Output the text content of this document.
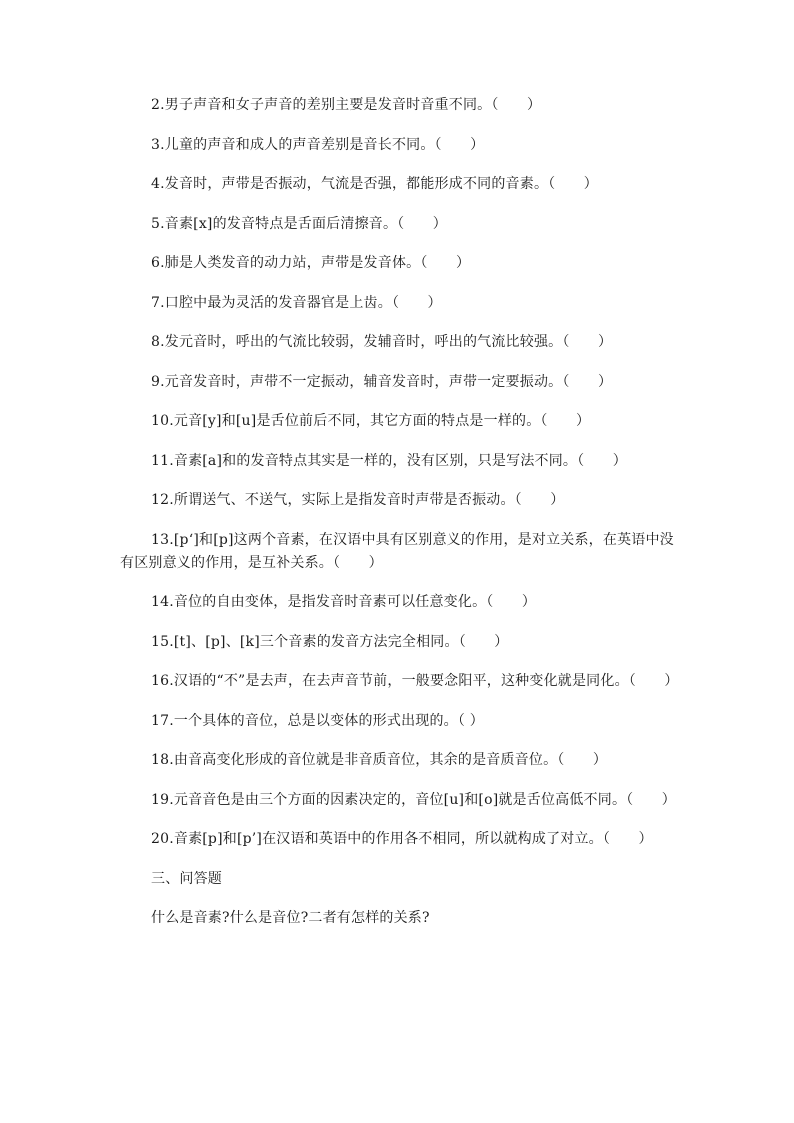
2.男子声音和女子声音的差别主要是发音时音重不同。（　　）

3.儿童的声音和成人的声音差别是音长不同。（　　）

4.发音时，声带是否振动，气流是否强，都能形成不同的音素。（　　）

5.音素[x]的发音特点是舌面后清擦音。（　　）

6.肺是人类发音的动力站，声带是发音体。（　　）

7.口腔中最为灵活的发音器官是上齿。（　　）

8.发元音时，呼出的气流比较弱，发辅音时，呼出的气流比较强。（　　）

9.元音发音时，声带不一定振动，辅音发音时，声带一定要振动。（　　）

10.元音[y]和[u]是舌位前后不同，其它方面的特点是一样的。（　　）

11.音素[a]和的发音特点其实是一样的，没有区别，只是写法不同。（　　）

12.所谓送气、不送气，实际上是指发音时声带是否振动。（　　）

13.[p‘]和[p]这两个音素，在汉语中具有区别意义的作用，是对立关系，在英语中没有区别意义的作用，是互补关系。（　　）

14.音位的自由变体，是指发音时音素可以任意变化。（　　）

15.[t]、[p]、[k]三个音素的发音方法完全相同。（　　）

16.汉语的“不”是去声，在去声音节前，一般要念阳平，这种变化就是同化。（　　）

17.一个具体的音位，总是以变体的形式出现的。（ ）

18.由音高变化形成的音位就是非音质音位，其余的是音质音位。（　　）

19.元音音色是由三个方面的因素决定的，音位[u]和[o]就是舌位高低不同。（　　）

20.音素[p]和[p’]在汉语和英语中的作用各不相同，所以就构成了对立。（　　）

三、问答题

什么是音素?什么是音位?二者有怎样的关系?
